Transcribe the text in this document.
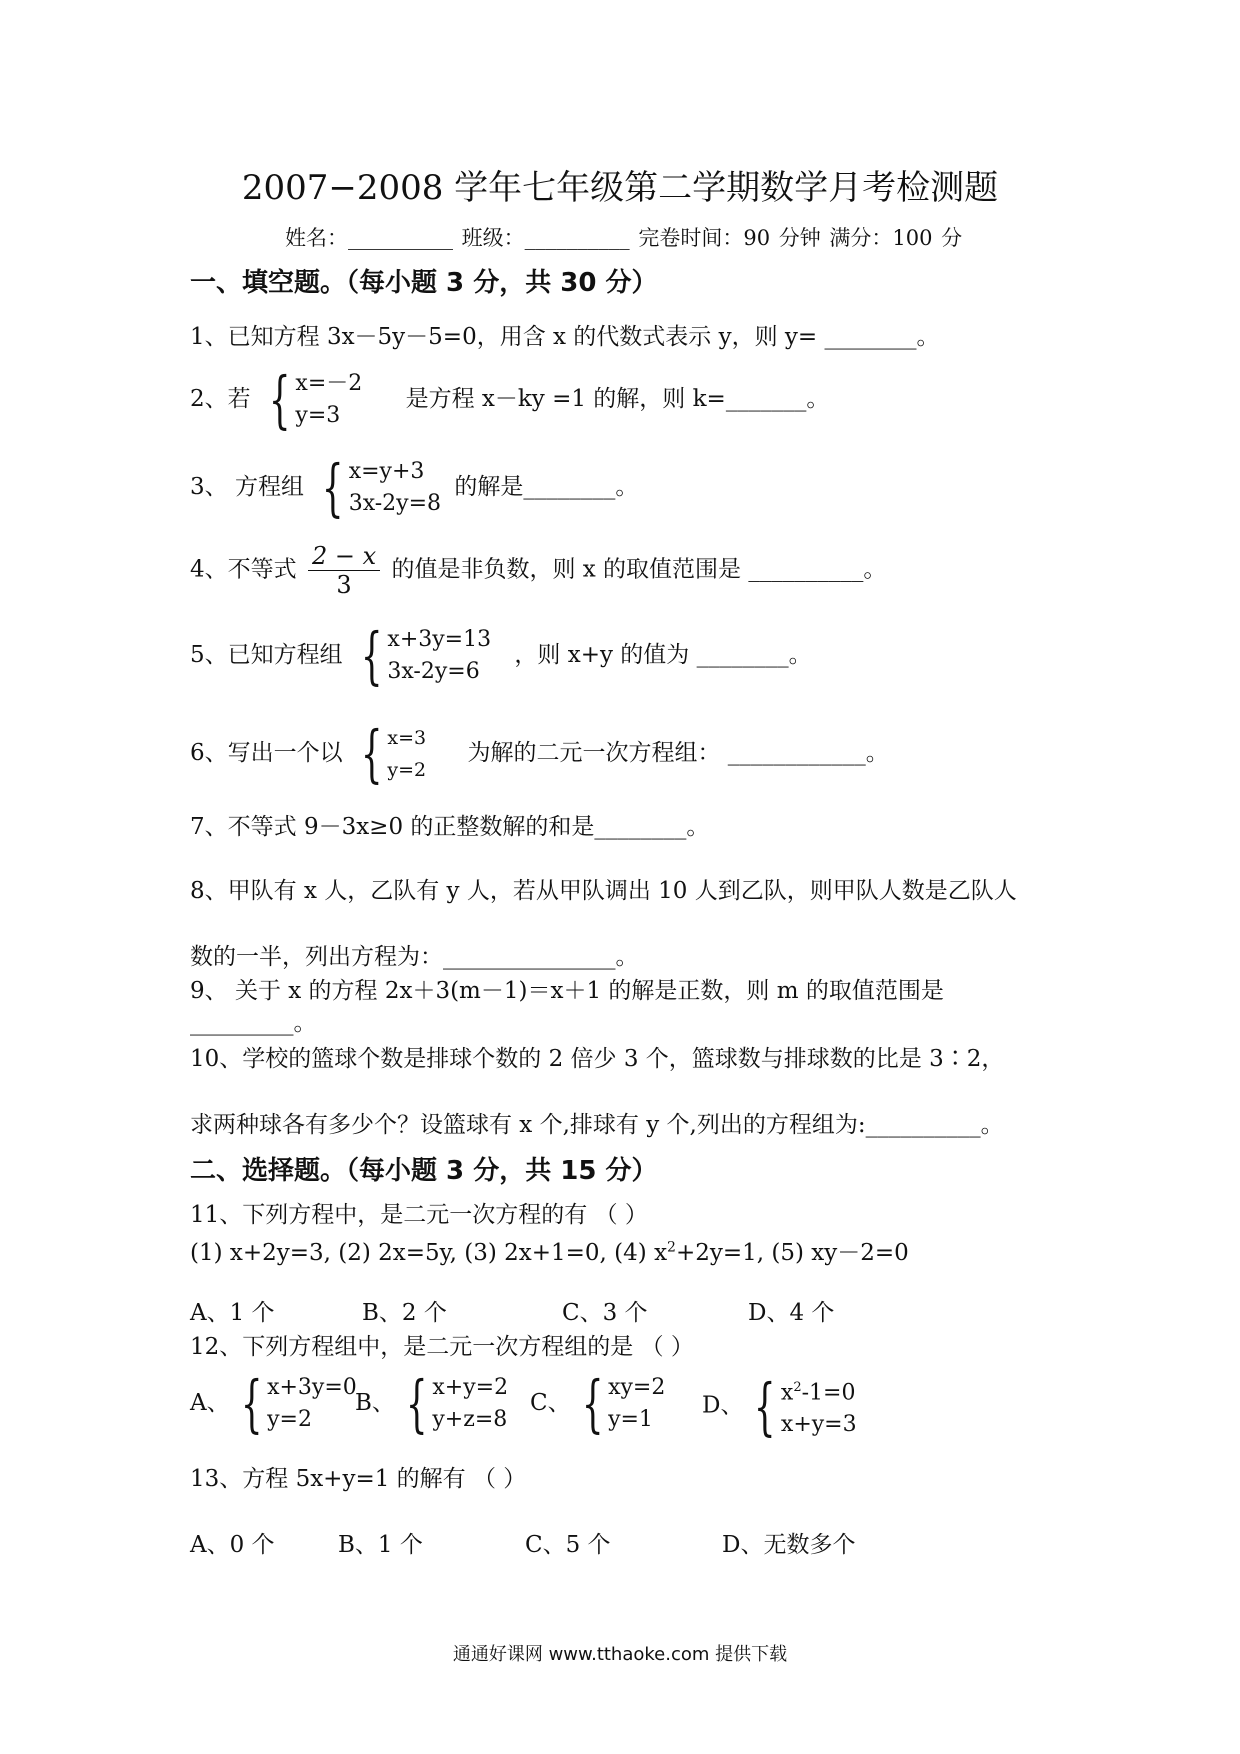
2007−2008 学年七年级第二学期数学月考检测题
姓名：__________ 班级：__________ 完卷时间：90 分钟 满分：100 分
一、填空题。（每小题 3 分，共 30 分）
1、已知方程 3x－5y－5=0，用含 x 的代数式表示 y，则 y= ________。
2、若 { x=－2
y=3
是方程 x－ky =1 的解，则 k=_______。
3、 方程组 { x=y+3
3x-2y=8
的解是________。
4、不等式 $\frac{2 - x}{3}$ 的值是非负数，则 x 的取值范围是 __________。
5、已知方程组 { x+3y=13
3x-2y=6
，则 x+y 的值为 ________。
6、写出一个以 { x=3
y=2
为解的二元一次方程组： ____________。
7、不等式 9－3x≥0 的正整数解的和是________。
8、甲队有 x 人，乙队有 y 人，若从甲队调出 10 人到乙队，则甲队人数是乙队人
数的一半，列出方程为：_______________。
9、 关于 x 的方程 2x＋3(m－1)＝x＋1 的解是正数，则 m 的取值范围是
_________。
10、学校的篮球个数是排球个数的 2 倍少 3 个，篮球数与排球数的比是 3∶2，
求两种球各有多少个？设篮球有 x 个,排球有 y 个,列出的方程组为:__________。
二、选择题。（每小题 3 分，共 15 分）
11、下列方程中，是二元一次方程的有 （ ）
(1) x+2y=3, (2) 2x=5y, (3) 2x+1=0, (4) $x^2+2y=1$, (5) xy－2=0
A、1 个	B、2 个	C、3 个	D、4 个
12、下列方程组中，是二元一次方程组的是 （ ）
A、 { x+3y=0
y=2
B、 { x+y=2
y+z=8
C、 { xy=2
y=1
D、 { $x^2-1=0$
x+y=3
13、方程 5x+y=1 的解有 （ ）
A、0 个	B、1 个	C、5 个	D、无数多个
通通好课网 www.tthaoke.com 提供下载
